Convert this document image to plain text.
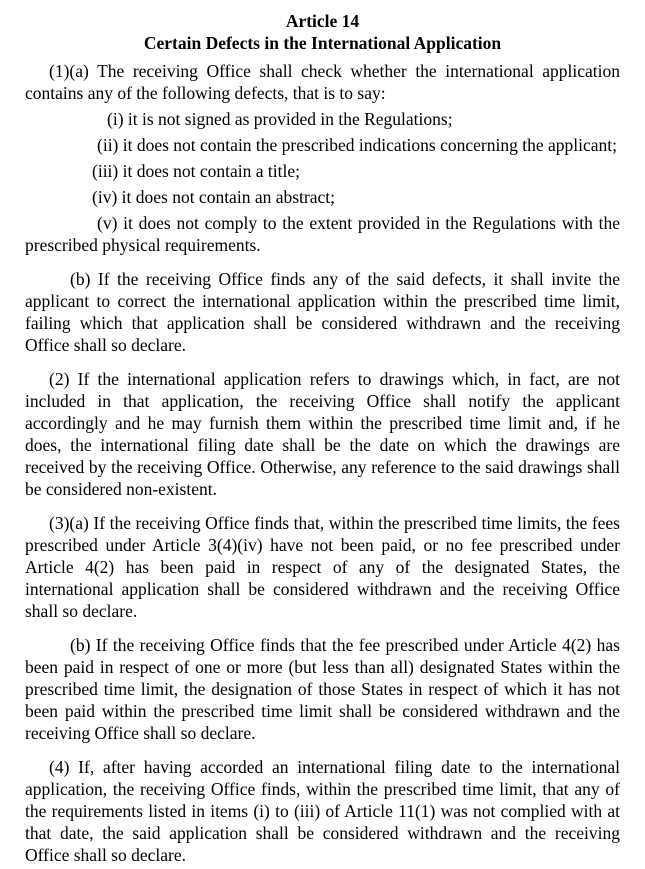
Article 14
Certain Defects in the International Application

(1)(a) The receiving Office shall check whether the international application contains any of the following defects, that is to say:

(i) it is not signed as provided in the Regulations;

(ii) it does not contain the prescribed indications concerning the applicant;

(iii) it does not contain a title;

(iv) it does not contain an abstract;

(v) it does not comply to the extent provided in the Regulations with the prescribed physical requirements.

(b) If the receiving Office finds any of the said defects, it shall invite the applicant to correct the international application within the prescribed time limit, failing which that application shall be considered withdrawn and the receiving Office shall so declare.

(2) If the international application refers to drawings which, in fact, are not included in that application, the receiving Office shall notify the applicant accordingly and he may furnish them within the prescribed time limit and, if he does, the international filing date shall be the date on which the drawings are received by the receiving Office. Otherwise, any reference to the said drawings shall be considered non-existent.

(3)(a) If the receiving Office finds that, within the prescribed time limits, the fees prescribed under Article 3(4)(iv) have not been paid, or no fee prescribed under Article 4(2) has been paid in respect of any of the designated States, the international application shall be considered withdrawn and the receiving Office shall so declare.

(b) If the receiving Office finds that the fee prescribed under Article 4(2) has been paid in respect of one or more (but less than all) designated States within the prescribed time limit, the designation of those States in respect of which it has not been paid within the prescribed time limit shall be considered withdrawn and the receiving Office shall so declare.

(4) If, after having accorded an international filing date to the international application, the receiving Office finds, within the prescribed time limit, that any of the requirements listed in items (i) to (iii) of Article 11(1) was not complied with at that date, the said application shall be considered withdrawn and the receiving Office shall so declare.
